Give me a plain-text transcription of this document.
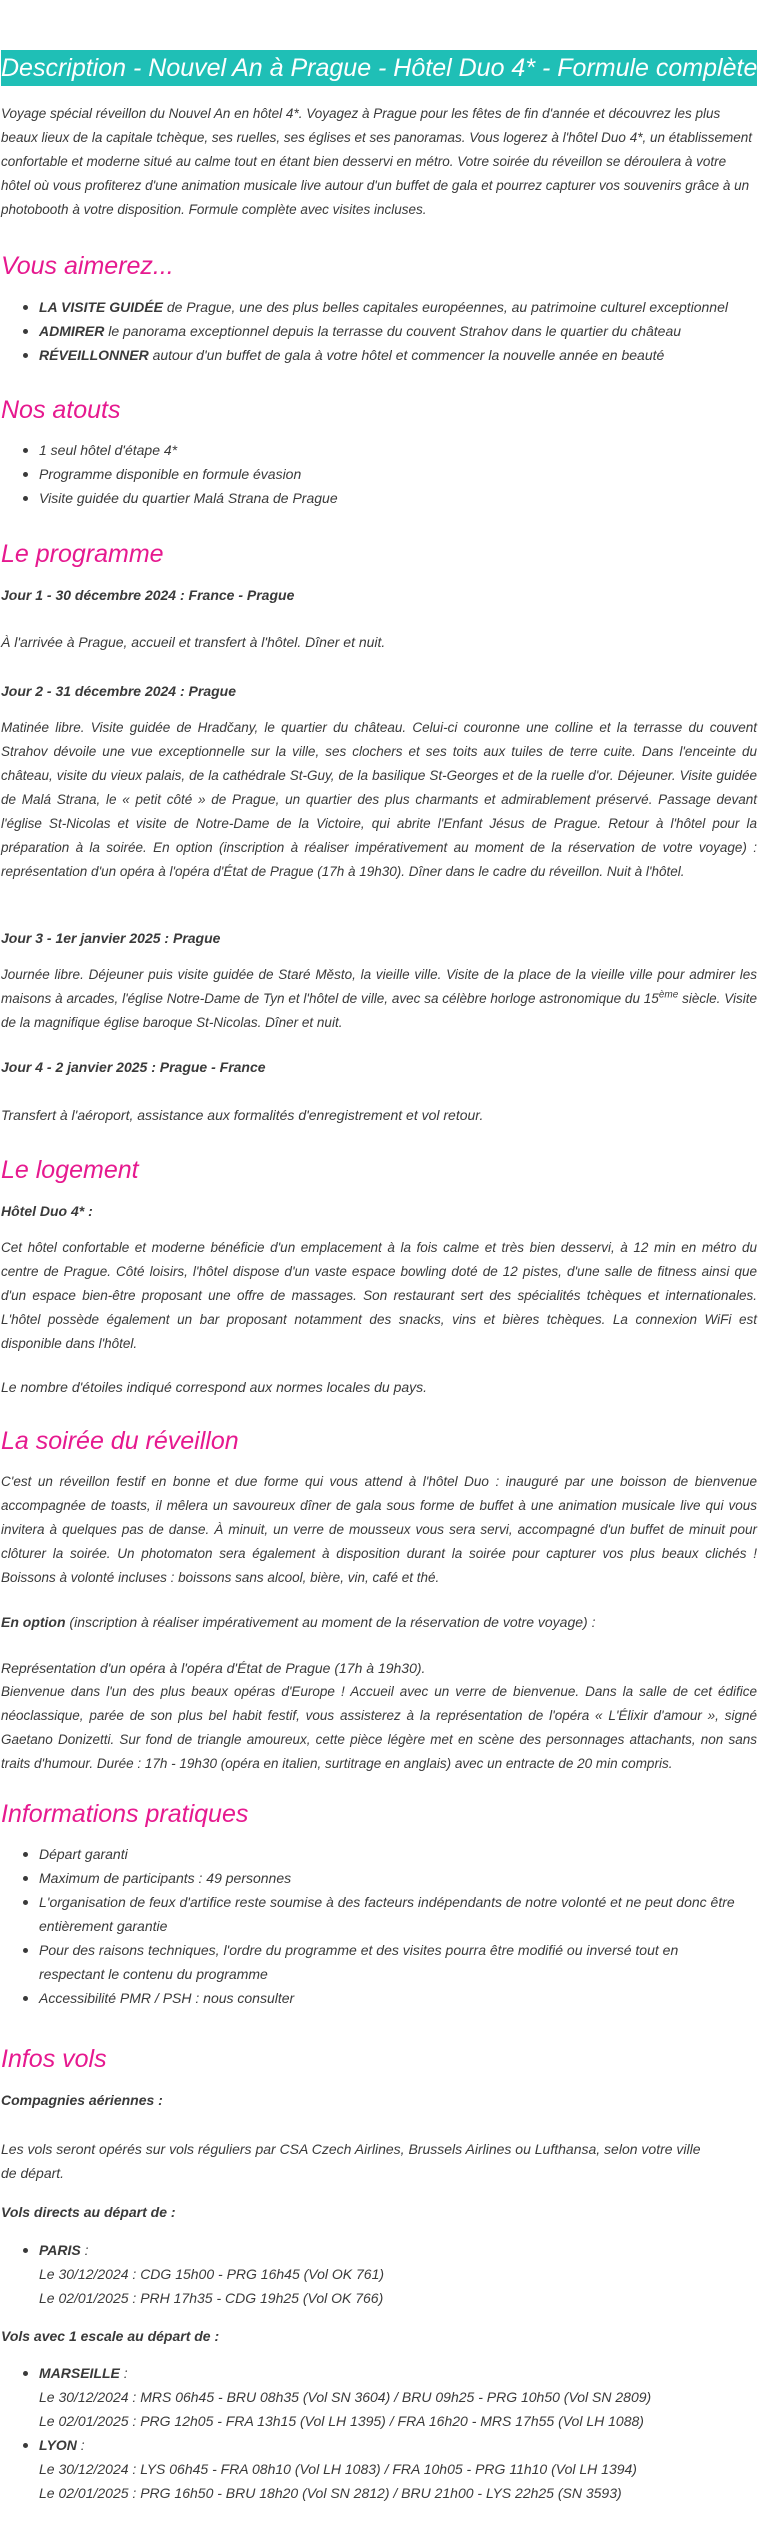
Description - Nouvel An à Prague - Hôtel Duo 4* - Formule complète

Voyage spécial réveillon du Nouvel An en hôtel 4*. Voyagez à Prague pour les fêtes de fin d'année et découvrez les plus beaux lieux de la capitale tchèque, ses ruelles, ses églises et ses panoramas. Vous logerez à l'hôtel Duo 4*, un établissement confortable et moderne situé au calme tout en étant bien desservi en métro. Votre soirée du réveillon se déroulera à votre hôtel où vous profiterez d'une animation musicale live autour d'un buffet de gala et pourrez capturer vos souvenirs grâce à un photobooth à votre disposition. Formule complète avec visites incluses.

Vous aimerez...
LA VISITE GUIDÉE de Prague, une des plus belles capitales européennes, au patrimoine culturel exceptionnel
ADMIRER le panorama exceptionnel depuis la terrasse du couvent Strahov dans le quartier du château
RÉVEILLONNER autour d'un buffet de gala à votre hôtel et commencer la nouvelle année en beauté
Nos atouts
1 seul hôtel d'étape 4*
Programme disponible en formule évasion
Visite guidée du quartier Malá Strana de Prague
Le programme

Jour 1 - 30 décembre 2024 : France - Prague

À l'arrivée à Prague, accueil et transfert à l'hôtel. Dîner et nuit.

Jour 2 - 31 décembre 2024 : Prague

Matinée libre. Visite guidée de Hradčany, le quartier du château. Celui-ci couronne une colline et la terrasse du couvent Strahov dévoile une vue exceptionnelle sur la ville, ses clochers et ses toits aux tuiles de terre cuite. Dans l'enceinte du château, visite du vieux palais, de la cathédrale St-Guy, de la basilique St-Georges et de la ruelle d'or. Déjeuner. Visite guidée de Malá Strana, le « petit côté » de Prague, un quartier des plus charmants et admirablement préservé. Passage devant l'église St-Nicolas et visite de Notre-Dame de la Victoire, qui abrite l'Enfant Jésus de Prague. Retour à l'hôtel pour la préparation à la soirée. En option (inscription à réaliser impérativement au moment de la réservation de votre voyage) : représentation d'un opéra à l'opéra d'État de Prague (17h à 19h30). Dîner dans le cadre du réveillon. Nuit à l'hôtel.

Jour 3 - 1er janvier 2025 : Prague

Journée libre. Déjeuner puis visite guidée de Staré Město, la vieille ville. Visite de la place de la vieille ville pour admirer les maisons à arcades, l'église Notre-Dame de Tyn et l'hôtel de ville, avec sa célèbre horloge astronomique du 15ème siècle. Visite de la magnifique église baroque St-Nicolas. Dîner et nuit.

Jour 4 - 2 janvier 2025 : Prague - France

Transfert à l'aéroport, assistance aux formalités d'enregistrement et vol retour.

Le logement

Hôtel Duo 4* :

Cet hôtel confortable et moderne bénéficie d'un emplacement à la fois calme et très bien desservi, à 12 min en métro du centre de Prague. Côté loisirs, l'hôtel dispose d'un vaste espace bowling doté de 12 pistes, d'une salle de fitness ainsi que d'un espace bien-être proposant une offre de massages. Son restaurant sert des spécialités tchèques et internationales. L'hôtel possède également un bar proposant notamment des snacks, vins et bières tchèques. La connexion WiFi est disponible dans l'hôtel.

Le nombre d'étoiles indiqué correspond aux normes locales du pays.

La soirée du réveillon

C'est un réveillon festif en bonne et due forme qui vous attend à l'hôtel Duo : inauguré par une boisson de bienvenue accompagnée de toasts, il mêlera un savoureux dîner de gala sous forme de buffet à une animation musicale live qui vous invitera à quelques pas de danse. À minuit, un verre de mousseux vous sera servi, accompagné d'un buffet de minuit pour clôturer la soirée. Un photomaton sera également à disposition durant la soirée pour capturer vos plus beaux clichés ! Boissons à volonté incluses : boissons sans alcool, bière, vin, café et thé.

En option (inscription à réaliser impérativement au moment de la réservation de votre voyage) :

Représentation d'un opéra à l'opéra d'État de Prague (17h à 19h30).

Bienvenue dans l'un des plus beaux opéras d'Europe ! Accueil avec un verre de bienvenue. Dans la salle de cet édifice néoclassique, parée de son plus bel habit festif, vous assisterez à la représentation de l'opéra « L'Élixir d'amour », signé Gaetano Donizetti. Sur fond de triangle amoureux, cette pièce légère met en scène des personnages attachants, non sans traits d'humour. Durée : 17h - 19h30 (opéra en italien, surtitrage en anglais) avec un entracte de 20 min compris.

Informations pratiques
Départ garanti
Maximum de participants : 49 personnes
L'organisation de feux d'artifice reste soumise à des facteurs indépendants de notre volonté et ne peut donc être entièrement garantie
Pour des raisons techniques, l'ordre du programme et des visites pourra être modifié ou inversé tout en respectant le contenu du programme
Accessibilité PMR / PSH : nous consulter
Infos vols

Compagnies aériennes :

Les vols seront opérés sur vols réguliers par CSA Czech Airlines, Brussels Airlines ou Lufthansa, selon votre ville de départ.

Vols directs au départ de :

PARIS :

Le 30/12/2024 : CDG 15h00 - PRG 16h45 (Vol OK 761)

Le 02/01/2025 : PRH 17h35 - CDG 19h25 (Vol OK 766)

Vols avec 1 escale au départ de :

MARSEILLE :

Le 30/12/2024 : MRS 06h45 - BRU 08h35 (Vol SN 3604) / BRU 09h25 - PRG 10h50 (Vol SN 2809)

Le 02/01/2025 : PRG 12h05 - FRA 13h15 (Vol LH 1395) / FRA 16h20 - MRS 17h55 (Vol LH 1088)

LYON :

Le 30/12/2024 : LYS 06h45 - FRA 08h10 (Vol LH 1083) / FRA 10h05 - PRG 11h10 (Vol LH 1394)

Le 02/01/2025 : PRG 16h50 - BRU 18h20 (Vol SN 2812) / BRU 21h00 - LYS 22h25 (SN 3593)
